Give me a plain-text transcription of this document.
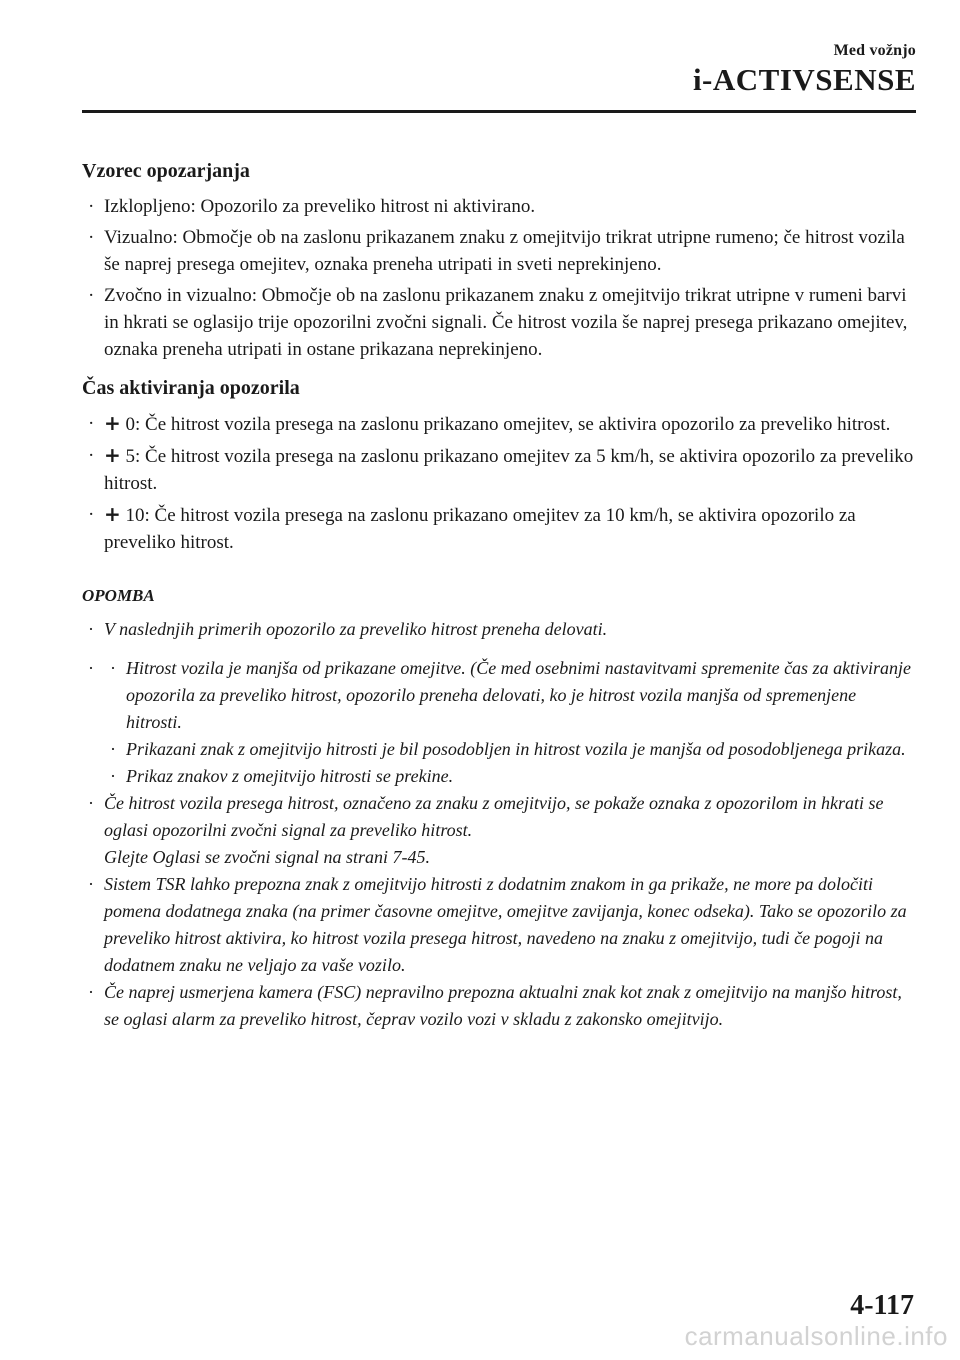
Med vožnjo
i-ACTIVSENSE
Vzorec opozarjanja
· Izklopljeno: Opozorilo za preveliko hitrost ni aktivirano.
· Vizualno: Območje ob na zaslonu prikazanem znaku z omejitvijo trikrat utripne rumeno; če hitrost vozila še naprej presega omejitev, oznaka preneha utripati in sveti neprekinjeno.
· Zvočno in vizualno: Območje ob na zaslonu prikazanem znaku z omejitvijo trikrat utripne v rumeni barvi in hkrati se oglasijo trije opozorilni zvočni signali. Če hitrost vozila še naprej presega prikazano omejitev, oznaka preneha utripati in ostane prikazana neprekinjeno.
Čas aktiviranja opozorila
· + 0: Če hitrost vozila presega na zaslonu prikazano omejitev, se aktivira opozorilo za preveliko hitrost.
· + 5: Če hitrost vozila presega na zaslonu prikazano omejitev za 5 km/h, se aktivira opozorilo za preveliko hitrost.
· + 10: Če hitrost vozila presega na zaslonu prikazano omejitev za 10 km/h, se aktivira opozorilo za preveliko hitrost.
OPOMBA
· V naslednjih primerih opozorilo za preveliko hitrost preneha delovati.
· · Hitrost vozila je manjša od prikazane omejitve. (Če med osebnimi nastavitvami spremenite čas za aktiviranje opozorila za preveliko hitrost, opozorilo preneha delovati, ko je hitrost vozila manjša od spremenjene hitrosti.
· Prikazani znak z omejitvijo hitrosti je bil posodobljen in hitrost vozila je manjša od posodobljenega prikaza.
· Prikaz znakov z omejitvijo hitrosti se prekine.
· Če hitrost vozila presega hitrost, označeno za znaku z omejitvijo, se pokaže oznaka z opozorilom in hkrati se oglasi opozorilni zvočni signal za preveliko hitrost.
Glejte Oglasi se zvočni signal na strani 7-45.
· Sistem TSR lahko prepozna znak z omejitvijo hitrosti z dodatnim znakom in ga prikaže, ne more pa določiti pomena dodatnega znaka (na primer časovne omejitve, omejitve zavijanja, konec odseka). Tako se opozorilo za preveliko hitrost aktivira, ko hitrost vozila presega hitrost, navedeno na znaku z omejitvijo, tudi če pogoji na dodatnem znaku ne veljajo za vaše vozilo.
· Če naprej usmerjena kamera (FSC) nepravilno prepozna aktualni znak kot znak z omejitvijo na manjšo hitrost, se oglasi alarm za preveliko hitrost, čeprav vozilo vozi v skladu z zakonsko omejitvijo.
4-117
carmanualsonline.info
